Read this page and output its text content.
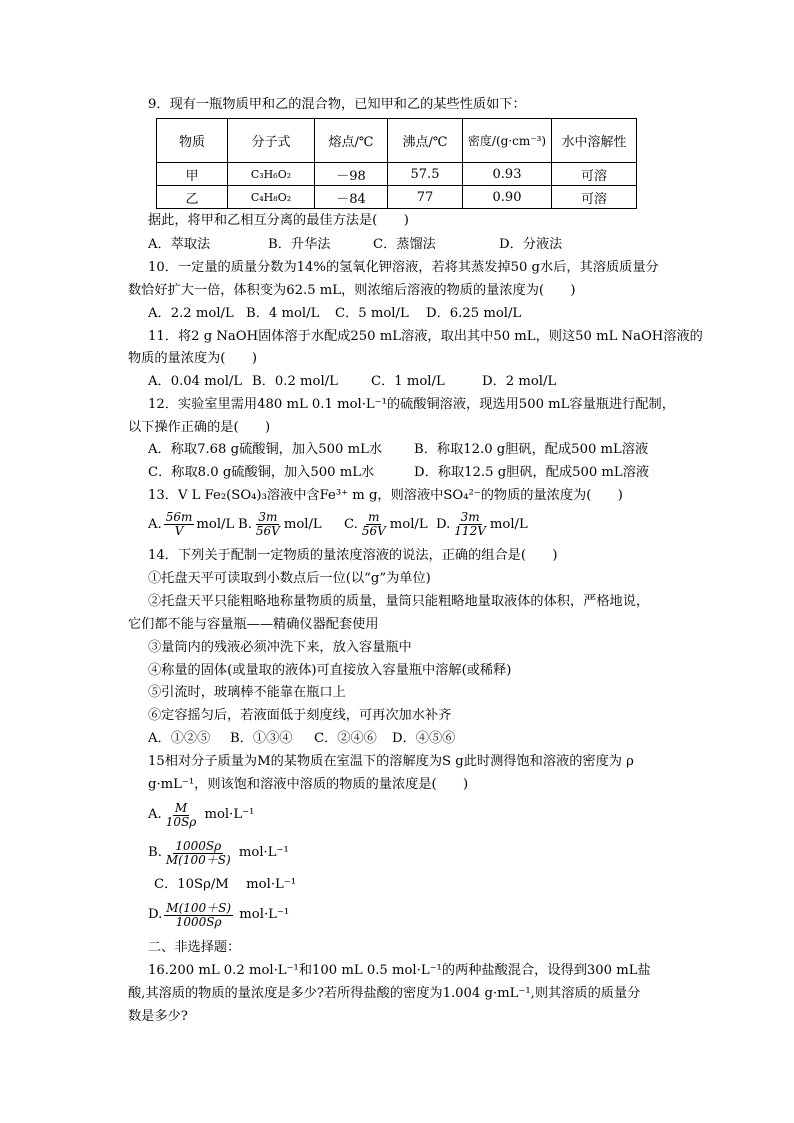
9．现有一瓶物质甲和乙的混合物，已知甲和乙的某些性质如下：
物质	分子式	熔点/℃	沸点/℃	密度/(g·cm⁻³)	水中溶解性
甲	C₃H₆O₂	－98	57.5	0.93	可溶
乙	C₄H₈O₂	－84	77	0.90	可溶
据此，将甲和乙相互分离的最佳方法是(　　)
A．萃取法	B．升华法	C．蒸馏法	D．分液法
10．一定量的质量分数为14%的氢氧化钾溶液，若将其蒸发掉50 g水后，其溶质质量分
数恰好扩大一倍，体积变为62.5 mL，则浓缩后溶液的物质的量浓度为(　　)
A．2.2 mol/L B．4 mol/L C．5 mol/L D．6.25 mol/L
11．将2 g NaOH固体溶于水配成250 mL溶液，取出其中50 mL，则这50 mL NaOH溶液的
物质的量浓度为(　　)
A．0.04 mol/L B．0.2 mol/L	C．1 mol/L	D．2 mol/L
12．实验室里需用480 mL 0.1 mol·L⁻¹的硫酸铜溶液，现选用500 mL容量瓶进行配制，
以下操作正确的是(　　)
A．称取7.68 g硫酸铜，加入500 mL水 B．称取12.0 g胆矾，配成500 mL溶液
C．称取8.0 g硫酸铜，加入500 mL水	D．称取12.5 g胆矾，配成500 mL溶液
13．V L Fe₂(SO₄)₃溶液中含Fe³⁺ m g，则溶液中SO₄²⁻的物质的量浓度为(　　)
A. $\frac{56m}{V} mol/L$ B. $\frac{3m}{56V} mol/L$	C. $\frac{m}{56V} mol/L$ D. $\frac{3m}{112V} mol/L$
14．下列关于配制一定物质的量浓度溶液的说法，正确的组合是(　　)
①托盘天平可读取到小数点后一位(以“g”为单位)
②托盘天平只能粗略地称量物质的质量，量筒只能粗略地量取液体的体积，严格地说，
它们都不能与容量瓶——精确仪器配套使用
③量筒内的残液必须冲洗下来，放入容量瓶中
④称量的固体(或量取的液体)可直接放入容量瓶中溶解(或稀释)
⑤引流时，玻璃棒不能靠在瓶口上
⑥定容摇匀后，若液面低于刻度线，可再次加水补齐
A．①②⑤ B．①③④ C．②④⑥ D．④⑤⑥
15相对分子质量为M的某物质在室温下的溶解度为S g此时测得饱和溶液的密度为 ρ
g·mL⁻¹，则该饱和溶液中溶质的物质的量浓度是(　　)
A. $\frac{M}{10S\rho}$
mol·L⁻¹
B. $\frac{1000S\rho}{M(100+S)}$
mol·L⁻¹
C．10Sρ/M　 mol·L⁻¹
D. $\frac{M(100+S)}{1000S\rho}$
mol·L⁻¹
二、非选择题：
16.200 mL 0.2 mol·L⁻¹和100 mL 0.5 mol·L⁻¹的两种盐酸混合，设得到300 mL盐
酸,其溶质的物质的量浓度是多少?若所得盐酸的密度为1.004 g·mL⁻¹,则其溶质的质量分
数是多少?
